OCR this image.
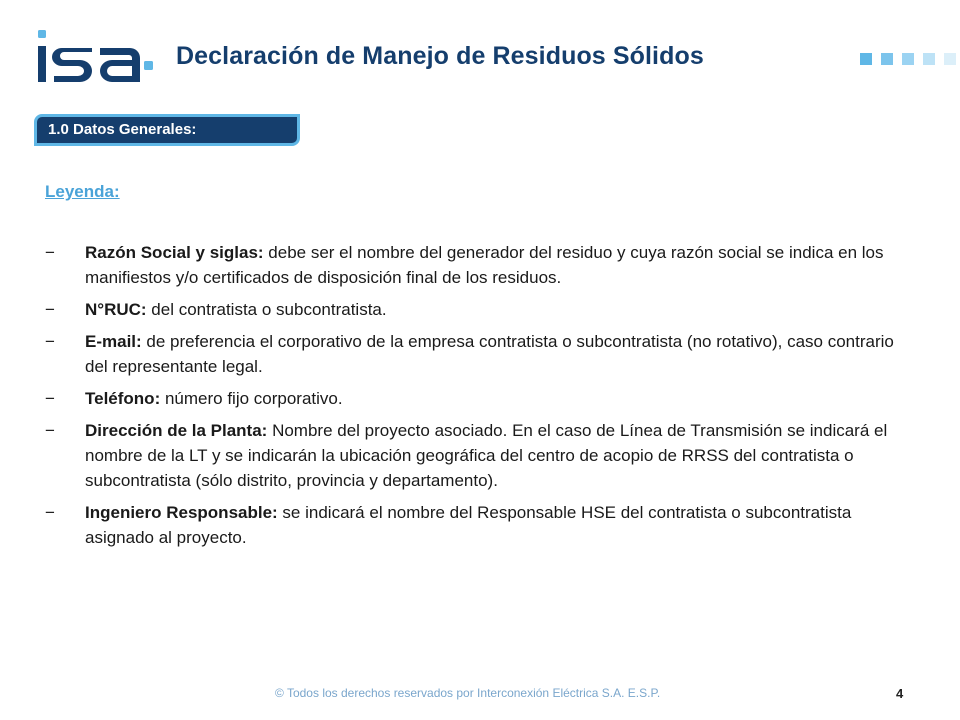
Declaración de Manejo de Residuos Sólidos
1.0 Datos Generales:
Leyenda:
−	Razón Social y siglas: debe ser el nombre del generador del residuo y cuya razón social se indica en los manifiestos y/o certificados de disposición final de los residuos.
−	N°RUC: del contratista o subcontratista.
−	E-mail: de preferencia el corporativo de la empresa contratista o subcontratista (no rotativo), caso contrario del representante legal.
−	Teléfono: número fijo corporativo.
−	Dirección de la Planta: Nombre del proyecto asociado. En el caso de Línea de Transmisión se indicará el nombre de la LT y se indicarán la ubicación geográfica del centro de acopio de RRSS del contratista o subcontratista (sólo distrito, provincia y departamento).
−	Ingeniero Responsable: se indicará el nombre del Responsable HSE del contratista o subcontratista asignado al proyecto.
© Todos los derechos reservados por Interconexión Eléctrica S.A. E.S.P.	4
